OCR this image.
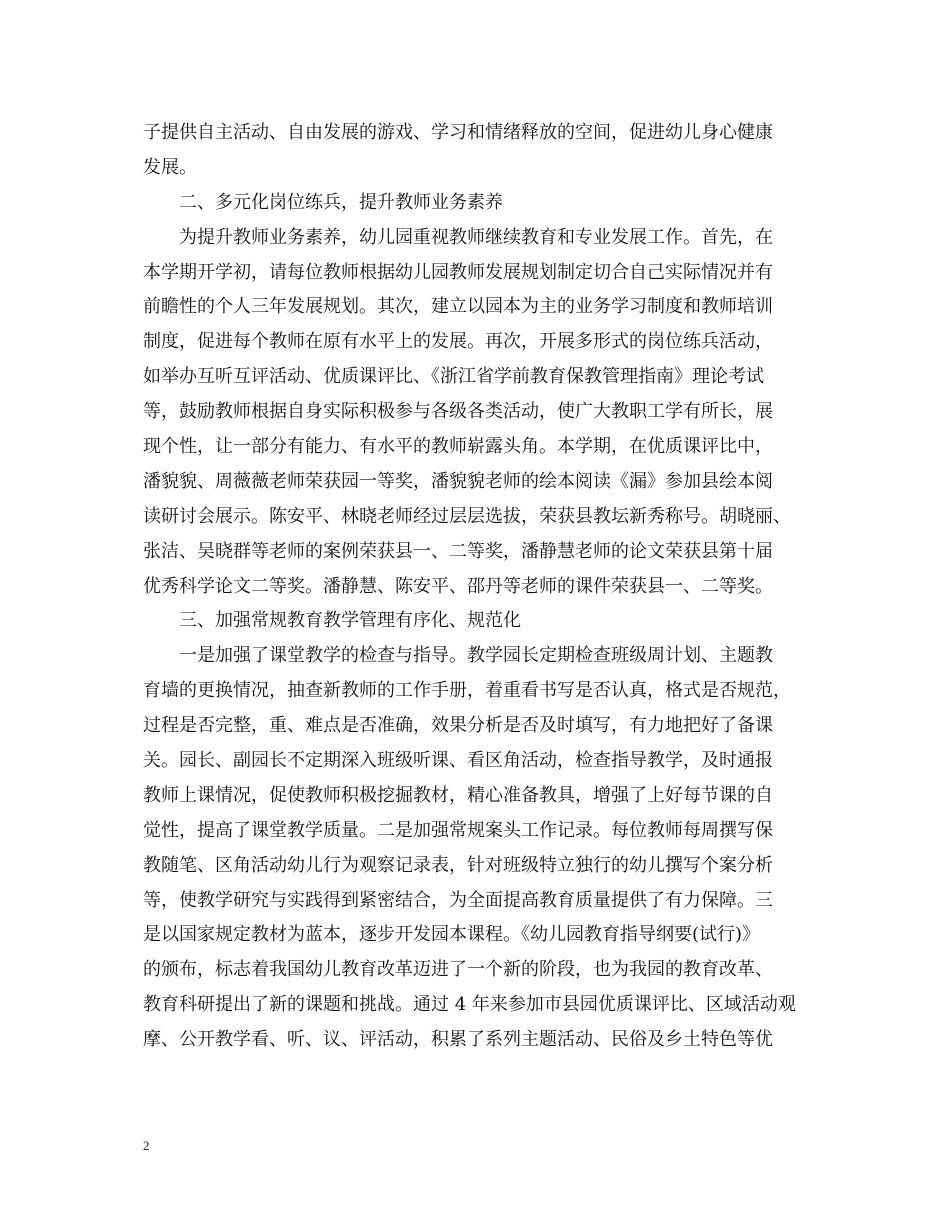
子提供自主活动、自由发展的游戏、学习和情绪释放的空间，促进幼儿身心健康
发展。
二、多元化岗位练兵，提升教师业务素养
为提升教师业务素养，幼儿园重视教师继续教育和专业发展工作。首先，在
本学期开学初，请每位教师根据幼儿园教师发展规划制定切合自己实际情况并有
前瞻性的个人三年发展规划。其次，建立以园本为主的业务学习制度和教师培训
制度，促进每个教师在原有水平上的发展。再次，开展多形式的岗位练兵活动，
如举办互听互评活动、优质课评比、《浙江省学前教育保教管理指南》理论考试
等，鼓励教师根据自身实际积极参与各级各类活动，使广大教职工学有所长，展
现个性，让一部分有能力、有水平的教师崭露头角。本学期，在优质课评比中，
潘貌貌、周薇薇老师荣获园一等奖，潘貌貌老师的绘本阅读《漏》参加县绘本阅
读研讨会展示。陈安平、林晓老师经过层层选拔，荣获县教坛新秀称号。胡晓丽、
张洁、吴晓群等老师的案例荣获县一、二等奖，潘静慧老师的论文荣获县第十届
优秀科学论文二等奖。潘静慧、陈安平、邵丹等老师的课件荣获县一、二等奖。
三、加强常规教育教学管理有序化、规范化
一是加强了课堂教学的检查与指导。教学园长定期检查班级周计划、主题教
育墙的更换情况，抽查新教师的工作手册，着重看书写是否认真，格式是否规范，
过程是否完整，重、难点是否准确，效果分析是否及时填写，有力地把好了备课
关。园长、副园长不定期深入班级听课、看区角活动，检查指导教学，及时通报
教师上课情况，促使教师积极挖掘教材，精心准备教具，增强了上好每节课的自
觉性，提高了课堂教学质量。二是加强常规案头工作记录。每位教师每周撰写保
教随笔、区角活动幼儿行为观察记录表，针对班级特立独行的幼儿撰写个案分析
等，使教学研究与实践得到紧密结合，为全面提高教育质量提供了有力保障。三
是以国家规定教材为蓝本，逐步开发园本课程。《幼儿园教育指导纲要(试行)》
的颁布，标志着我国幼儿教育改革迈进了一个新的阶段，也为我园的教育改革、
教育科研提出了新的课题和挑战。通过 4 年来参加市县园优质课评比、区域活动观
摩、公开教学看、听、议、评活动，积累了系列主题活动、民俗及乡土特色等优
2
